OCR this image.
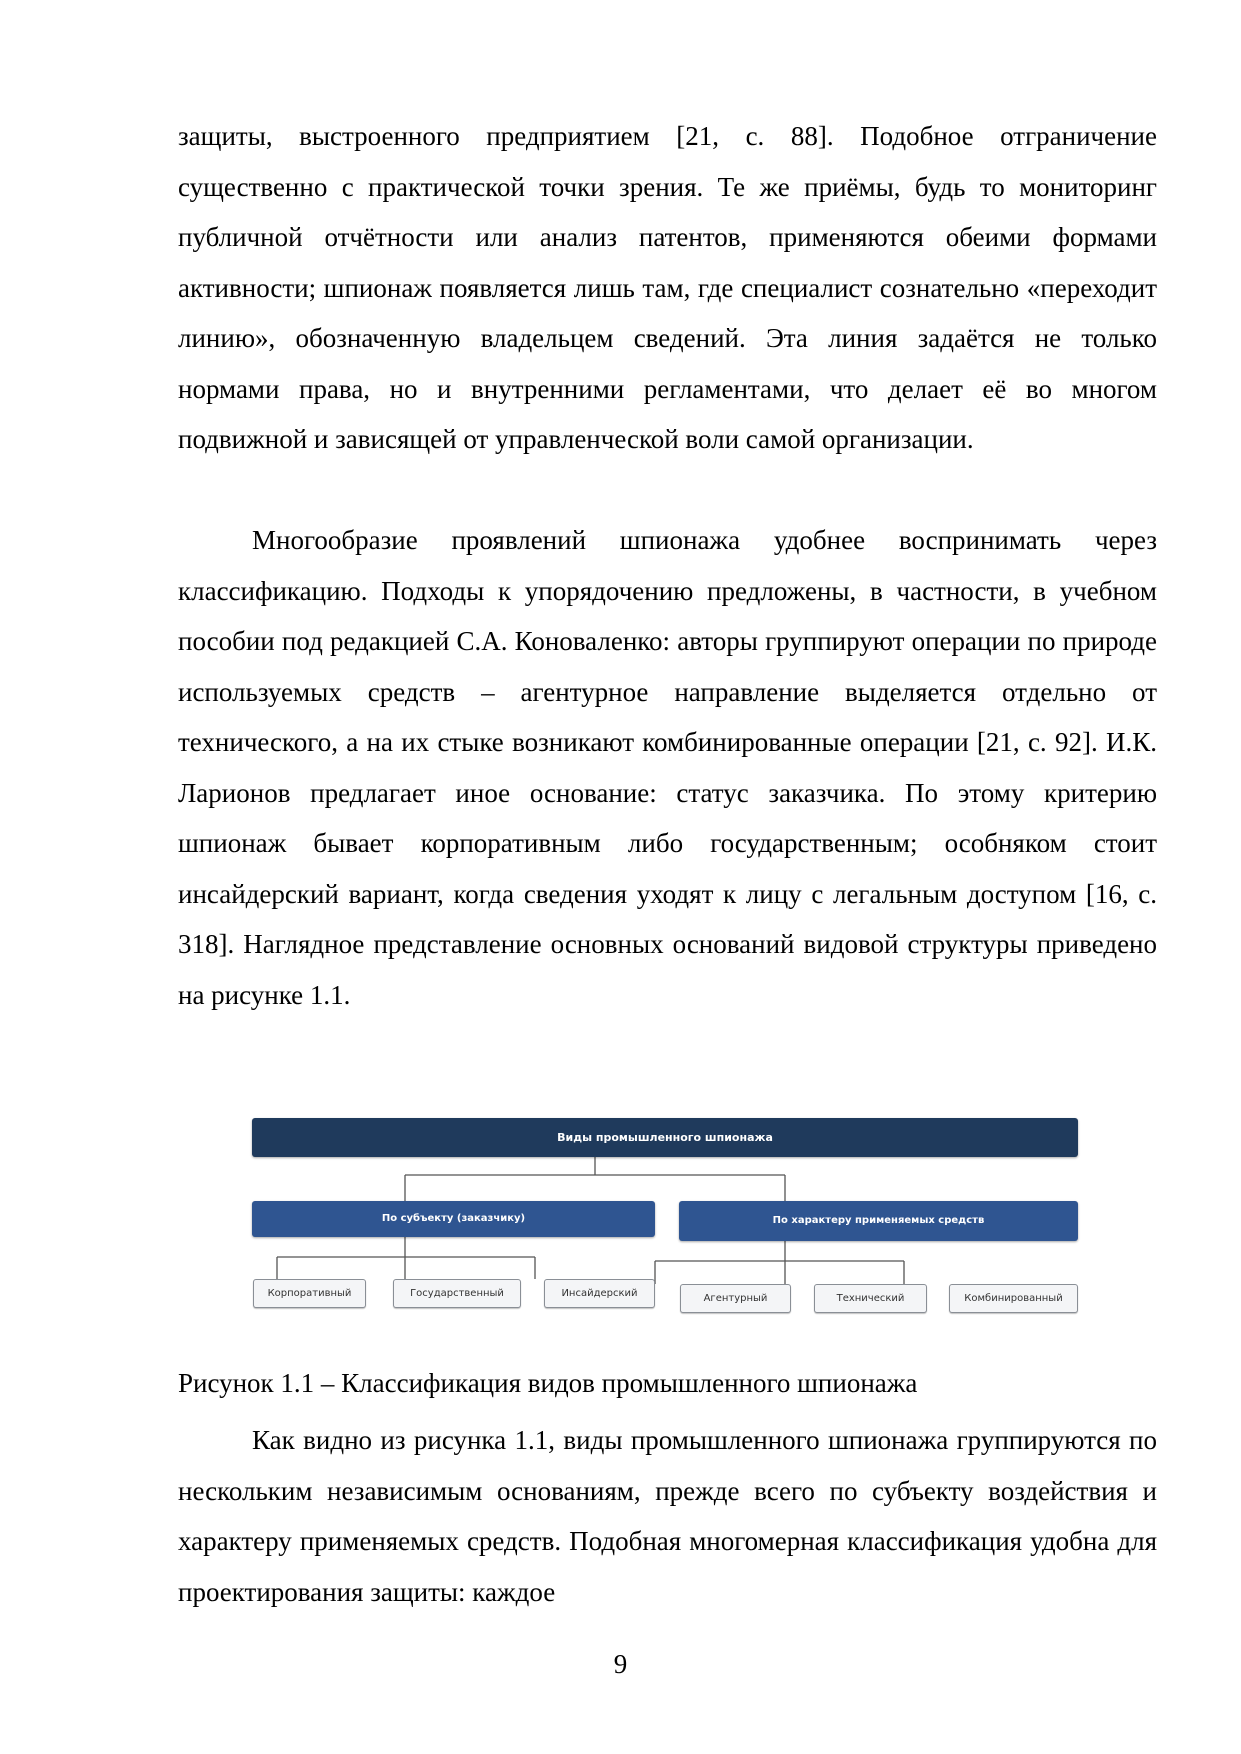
защиты, выстроенного предприятием [21, с. 88]. Подобное отграничение существенно с практической точки зрения. Те же приёмы, будь то мониторинг публичной отчётности или анализ патентов, применяются обеими формами активности; шпионаж появляется лишь там, где специалист сознательно «переходит линию», обозначенную владельцем сведений. Эта линия задаётся не только нормами права, но и внутренними регламентами, что делает её во многом подвижной и зависящей от управленческой воли самой организации.

Многообразие проявлений шпионажа удобнее воспринимать через классификацию. Подходы к упорядочению предложены, в частности, в учебном пособии под редакцией С.А. Коноваленко: авторы группируют операции по природе используемых средств – агентурное направление выделяется отдельно от технического, а на их стыке возникают комбинированные операции [21, с. 92]. И.К. Ларионов предлагает иное основание: статус заказчика. По этому критерию шпионаж бывает корпоративным либо государственным; особняком стоит инсайдерский вариант, когда сведения уходят к лицу с легальным доступом [16, с. 318]. Наглядное представление основных оснований видовой структуры приведено на рисунке 1.1.

Виды промышленного шпионажа
По субъекту (заказчику)	По характеру применяемых средств
Корпоративный	Государственный	Инсайдерский	Агентурный	Технический	Комбинированный

Рисунок 1.1 – Классификация видов промышленного шпионажа

Как видно из рисунка 1.1, виды промышленного шпионажа группируются по нескольким независимым основаниям, прежде всего по субъекту воздействия и характеру применяемых средств. Подобная многомерная классификация удобна для проектирования защиты: каждое

9
